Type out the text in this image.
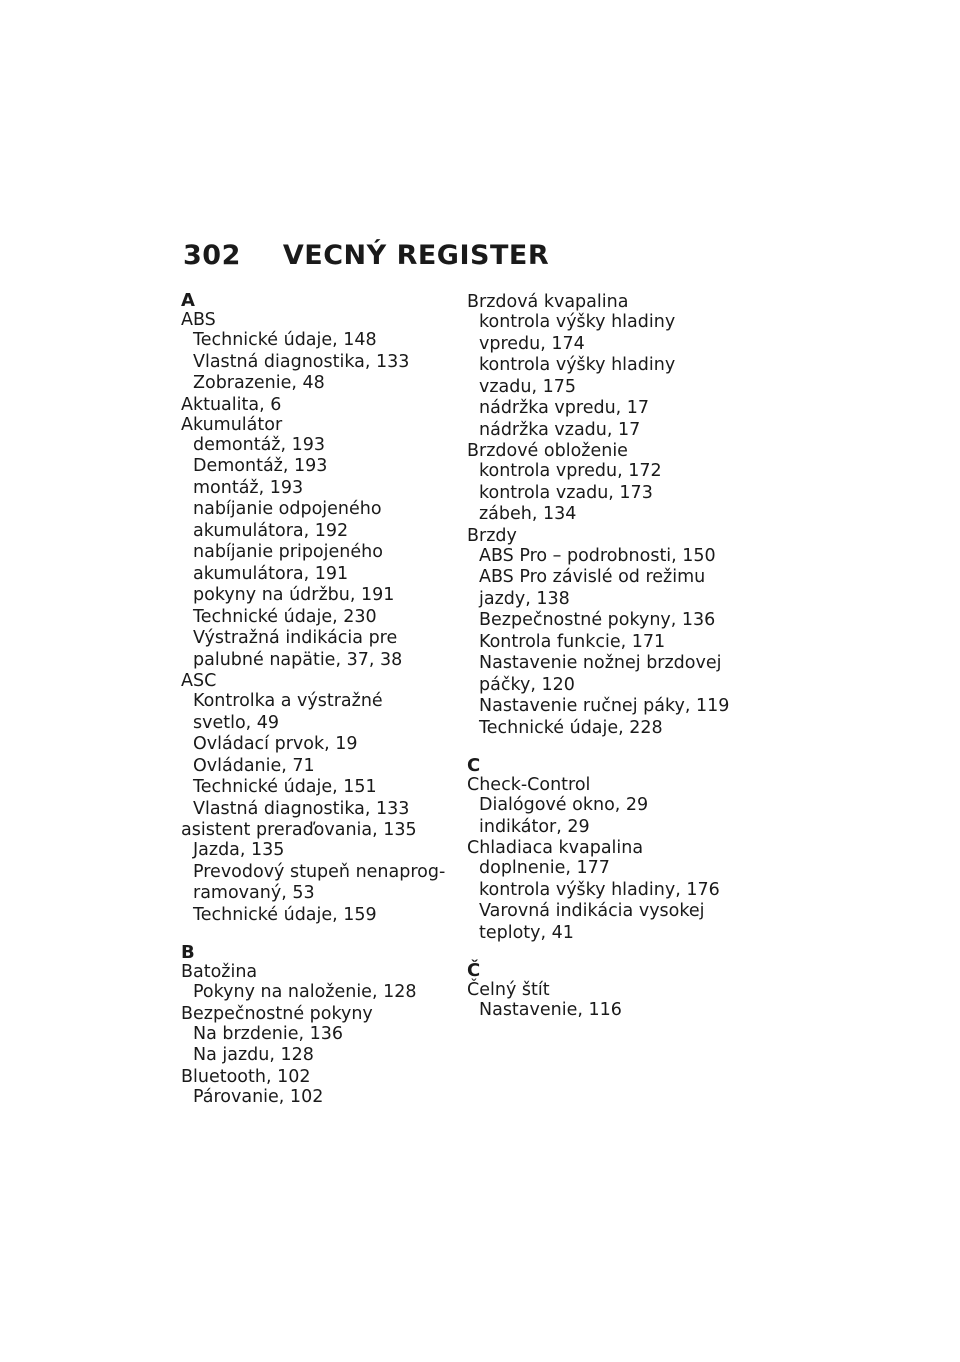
302 VECNÝ REGISTER
A
ABS
Technické údaje, 148
Vlastná diagnostika, 133
Zobrazenie, 48
Aktualita, 6
Akumulátor
demontáž, 193
Demontáž, 193
montáž, 193
nabíjanie odpojeného
akumulátora, 192
nabíjanie pripojeného
akumulátora, 191
pokyny na údržbu, 191
Technické údaje, 230
Výstražná indikácia pre
palubné napätie, 37, 38
ASC
Kontrolka a výstražné
svetlo, 49
Ovládací prvok, 19
Ovládanie, 71
Technické údaje, 151
Vlastná diagnostika, 133
asistent preraďovania, 135
Jazda, 135
Prevodový stupeň nenaprog-
ramovaný, 53
Technické údaje, 159
B
Batožina
Pokyny na naloženie, 128
Bezpečnostné pokyny
Na brzdenie, 136
Na jazdu, 128
Bluetooth, 102
Párovanie, 102
Brzdová kvapalina
kontrola výšky hladiny
vpredu, 174
kontrola výšky hladiny
vzadu, 175
nádržka vpredu, 17
nádržka vzadu, 17
Brzdové obloženie
kontrola vpredu, 172
kontrola vzadu, 173
zábeh, 134
Brzdy
ABS Pro – podrobnosti, 150
ABS Pro závislé od režimu
jazdy, 138
Bezpečnostné pokyny, 136
Kontrola funkcie, 171
Nastavenie nožnej brzdovej
páčky, 120
Nastavenie ručnej páky, 119
Technické údaje, 228
C
Check-Control
Dialógové okno, 29
indikátor, 29
Chladiaca kvapalina
doplnenie, 177
kontrola výšky hladiny, 176
Varovná indikácia vysokej
teploty, 41
Č
Čelný štít
Nastavenie, 116
